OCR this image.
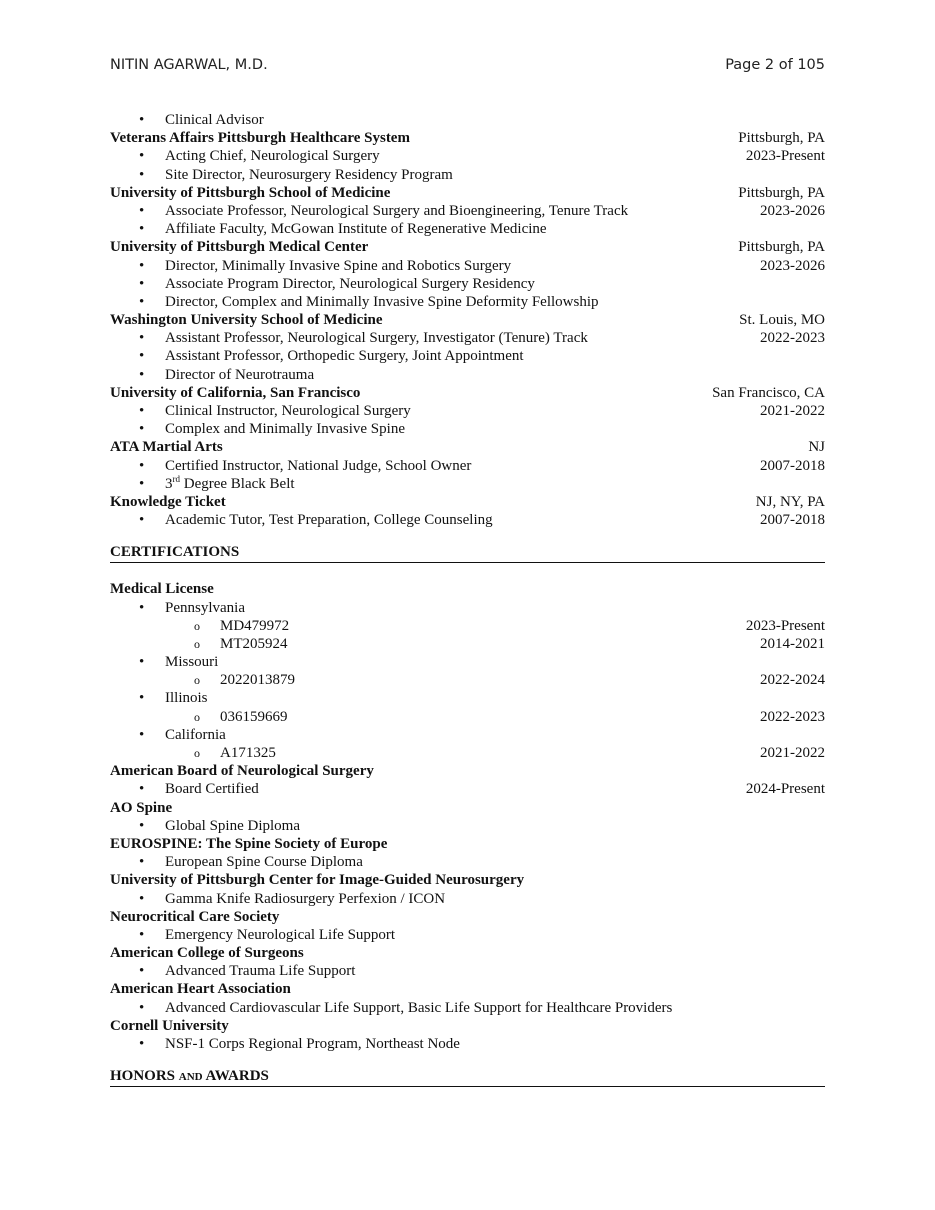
NITIN AGARWAL, M.D.	Page 2 of 105
• Clinical Advisor
Veterans Affairs Pittsburgh Healthcare System	Pittsburgh, PA
• Acting Chief, Neurological Surgery	2023-Present
• Site Director, Neurosurgery Residency Program
University of Pittsburgh School of Medicine	Pittsburgh, PA
• Associate Professor, Neurological Surgery and Bioengineering, Tenure Track	2023-2026
• Affiliate Faculty, McGowan Institute of Regenerative Medicine
University of Pittsburgh Medical Center	Pittsburgh, PA
• Director, Minimally Invasive Spine and Robotics Surgery	2023-2026
• Associate Program Director, Neurological Surgery Residency
• Director, Complex and Minimally Invasive Spine Deformity Fellowship
Washington University School of Medicine	St. Louis, MO
• Assistant Professor, Neurological Surgery, Investigator (Tenure) Track	2022-2023
• Assistant Professor, Orthopedic Surgery, Joint Appointment
• Director of Neurotrauma
University of California, San Francisco	San Francisco, CA
• Clinical Instructor, Neurological Surgery	2021-2022
• Complex and Minimally Invasive Spine
ATA Martial Arts	NJ
• Certified Instructor, National Judge, School Owner	2007-2018
• 3rd Degree Black Belt
Knowledge Ticket	NJ, NY, PA
• Academic Tutor, Test Preparation, College Counseling	2007-2018
CERTIFICATIONS
Medical License
• Pennsylvania
o MD479972	2023-Present
o MT205924	2014-2021
• Missouri
o 2022013879	2022-2024
• Illinois
o 036159669	2022-2023
• California
o A171325	2021-2022
American Board of Neurological Surgery
• Board Certified	2024-Present
AO Spine
• Global Spine Diploma
EUROSPINE: The Spine Society of Europe
• European Spine Course Diploma
University of Pittsburgh Center for Image-Guided Neurosurgery
• Gamma Knife Radiosurgery Perfexion / ICON
Neurocritical Care Society
• Emergency Neurological Life Support
American College of Surgeons
• Advanced Trauma Life Support
American Heart Association
• Advanced Cardiovascular Life Support, Basic Life Support for Healthcare Providers
Cornell University
• NSF-1 Corps Regional Program, Northeast Node
HONORS AND AWARDS
